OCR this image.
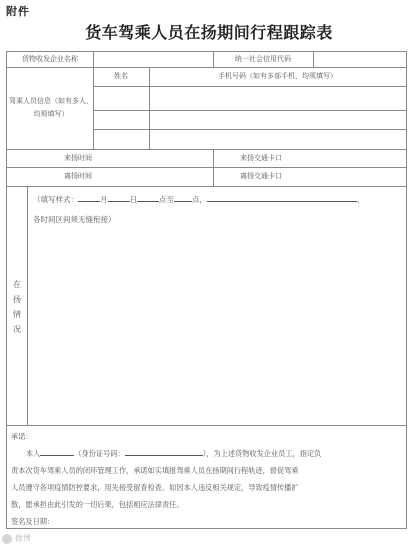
附件
货车驾乘人员在扬期间行程跟踪表
货物收发企业名称	统一社会信用代码
驾乘人员信息（如有多人，均须填写）
姓名	手机号码（如有多部手机，均须填写）
来扬时间	来扬交通卡口
离扬时间	离扬交通卡口
在
扬
情
况
（填写样式：	月	日	点至 点，	，
各时间区间须无缝衔接）
承诺：
本人	（身份证号码：	），为上述货物收发企业员工，指定负
责本次货车驾乘人员的闭环管理工作，承诺如实填报驾乘人员在扬期间行程轨迹，督促驾乘
人员遵守各项疫情防控要求，用先接受留查检查。如因本人违反相关规定，导致疫情传播扩
散，愿承担由此引发的一切后果，包括相应法律责任。
签名及日期：
微博
